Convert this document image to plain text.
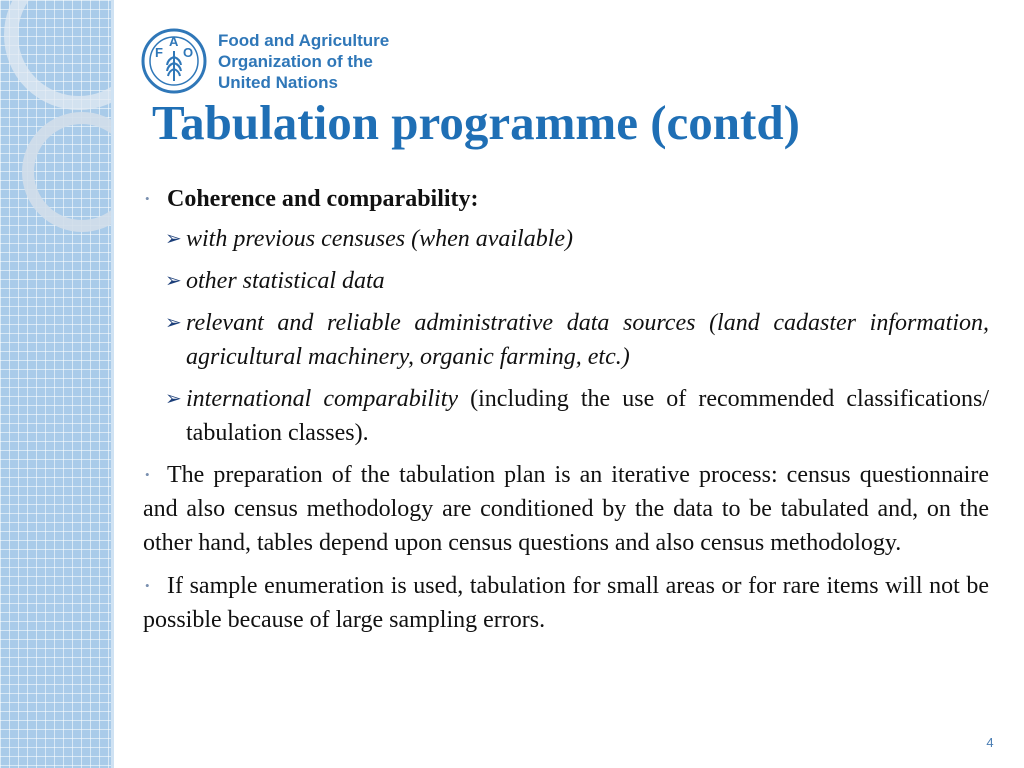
F
A
O
Food and Agriculture
Organization of the
United Nations
Tabulation programme (contd)

• Coherence and comparability:

➢ with previous censuses (when available)

➢ other statistical data

➢ relevant and reliable administrative data sources (land cadaster information, agricultural machinery, organic farming, etc.)

➢ international comparability (including the use of recommended classifications/ tabulation classes).

• The preparation of the tabulation plan is an iterative process: census questionnaire and also census methodology are conditioned by the data to be tabulated and, on the other hand, tables depend upon census questions and also census methodology.

• If sample enumeration is used, tabulation for small areas or for rare items will not be possible because of large sampling errors.

4
